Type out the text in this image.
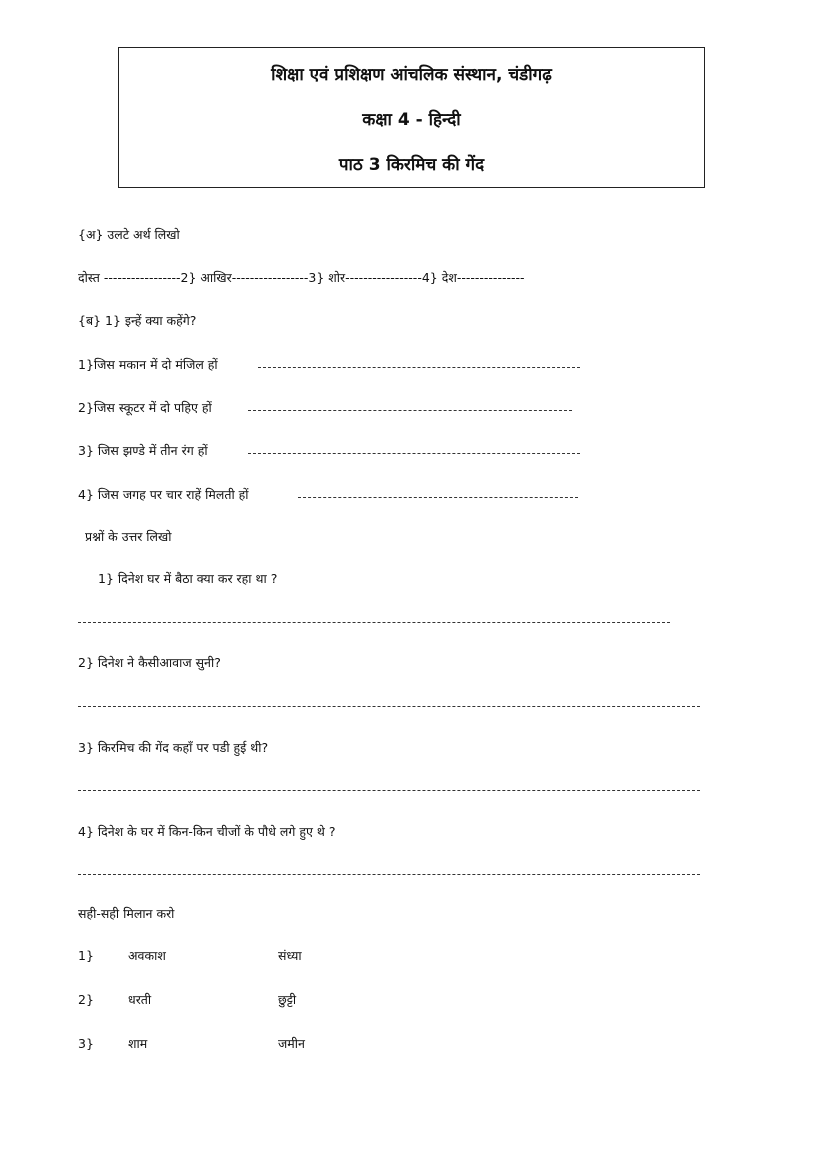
शिक्षा एवं प्रशिक्षण आंचलिक संस्थान, चंडीगढ़
कक्षा 4 - हिन्दी
पाठ 3 किरमिच की गेंद
{अ} उलटे अर्थ लिखो
दोस्त -----------------2} आखिर-----------------3} शोर-----------------4} देश---------------
{ब} 1} इन्हें क्या कहेंगे?
1}जिस मकान में दो मंजिल हों
2}जिस स्कूटर में दो पहिए हों
3} जिस झण्डे में तीन रंग हों
4} जिस जगह पर चार राहें मिलती हों
प्रश्नों के उत्तर लिखो
1} दिनेश घर में बैठा क्या कर रहा था ?
2} दिनेश ने कैसीआवाज सुनी?
3} किरमिच की गेंद कहाँ पर पडी हुई थी?
4} दिनेश के घर में किन-किन चीजों के पौधे लगे हुए थे ?
सही-सही मिलान करो
1}	अवकाश	संध्या
2}	धरती	छुट्टी
3}	शाम	जमीन
